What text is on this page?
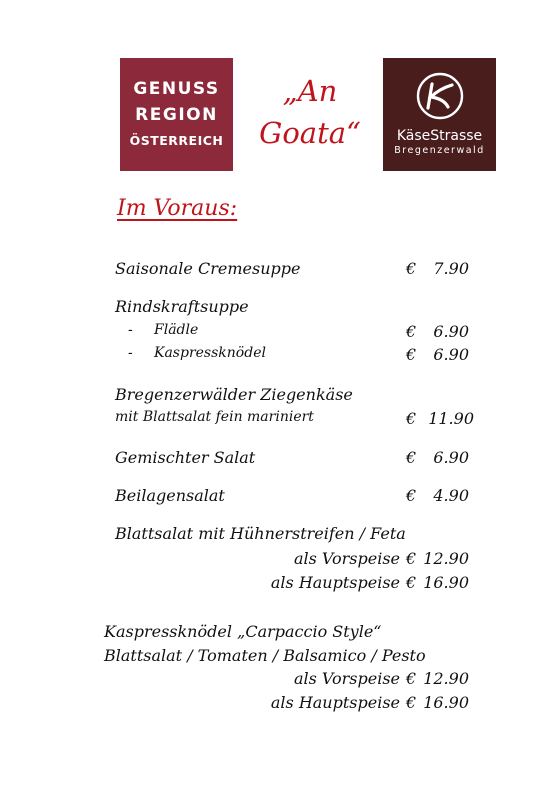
GENUSS
REGION
ÖSTERREICH
„An
Goata“	KäseStrasse
Bregenzerwald
Im Voraus:
Saisonale Cremesuppe	€	7.90
Rindskraftsuppe
- Flädle	€	6.90
- Kaspressknödel	€	6.90
Bregenzerwälder Ziegenkäse
mit Blattsalat fein mariniert	€ 11.90
Gemischter Salat	€	6.90
Beilagensalat	€	4.90
Blattsalat mit Hühnerstreifen / Feta
als Vorspeise € 12.90
als Hauptspeise € 16.90
Kaspressknödel „Carpaccio Style“
Blattsalat / Tomaten / Balsamico / Pesto
als Vorspeise € 12.90
als Hauptspeise € 16.90
